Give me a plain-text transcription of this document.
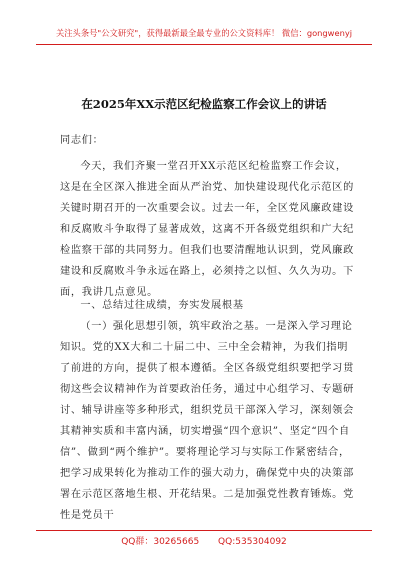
关注头条号"公文研究"，获得最新最全最专业的公文资料库！ 微信：gongwenyj
在2025年XX示范区纪检监察工作会议上的讲话
同志们：
今天，我们齐聚一堂召开XX示范区纪检监察工作会议，这是在全区深入推进全面从严治党、加快建设现代化示范区的关键时期召开的一次重要会议。过去一年，全区党风廉政建设和反腐败斗争取得了显著成效，这离不开各级党组织和广大纪检监察干部的共同努力。但我们也要清醒地认识到，党风廉政建设和反腐败斗争永远在路上，必须持之以恒、久久为功。下面，我讲几点意见。
一、总结过往成绩，夯实发展根基
（一）强化思想引领，筑牢政治之基。一是深入学习理论知识。党的XX大和二十届二中、三中全会精神，为我们指明了前进的方向，提供了根本遵循。全区各级党组织要把学习贯彻这些会议精神作为首要政治任务，通过中心组学习、专题研讨、辅导讲座等多种形式，组织党员干部深入学习，深刻领会其精神实质和丰富内涵，切实增强“四个意识”、坚定“四个自信”、做到“两个维护”。要将理论学习与实际工作紧密结合，把学习成果转化为推动工作的强大动力，确保党中央的决策部署在示范区落地生根、开花结果。二是加强党性教育锤炼。党性是党员干
QQ群：30265665 QQ:535304092
